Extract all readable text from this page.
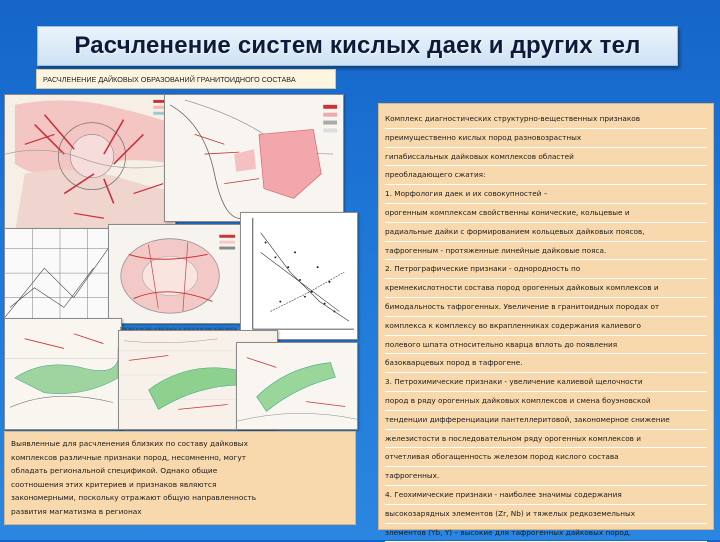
Расчленение систем кислых даек и других тел
РАСЧЛЕНЕНИЕ ДАЙКОВЫХ ОБРАЗОВАНИЙ ГРАНИТОИДНОГО СОСТАВА
Магматические комплексы и геологические комплексы

Комплекс диагностических структурно-вещественных признаков

преимущественно кислых пород разновозрастных

гипабиссальных дайковых комплексов областей

преобладающего сжатия:

1. Морфология даек и их совокупностей –

орогенным комплексам свойственны конические, кольцевые и

радиальные дайки с формированием кольцевых дайковых поясов,

тафрогенным - протяженные линейные дайковые пояса.

2. Петрографические признаки - однородность по

кремнекислотности состава пород орогенных дайковых комплексов и

бимодальность тафрогенных. Увеличение в гранитоидных породах от

комплекса к комплексу во вкрапленниках содержания калиевого

полевого шпата относительно кварца вплоть до появления

базокварцевых пород в тафрогене.

3. Петрохимические признаки - увеличение калиевой щелочности

пород в ряду орогенных дайковых комплексов и смена боуэновской

тенденции дифференциации пантеллеритовой, закономерное снижение

железистости в последовательном ряду орогенных комплексов и

отчетливая обогащенность железом пород кислого состава

тафрогенных.

4. Геохимические признаки - наиболее значимы содержания

высокозарядных элементов (Zr, Nb) и тяжелых редкоземельных

элементов (Yb, Y) – высокие для тафрогенных дайковых пород.

Выявленные для расчленения близких по составу дайковых

комплексов различные признаки пород, несомненно, могут

обладать региональной спецификой. Однако общие

соотношения этих критериев и признаков являются

закономерными, поскольку отражают общую направленность

развития магматизма в регионах
